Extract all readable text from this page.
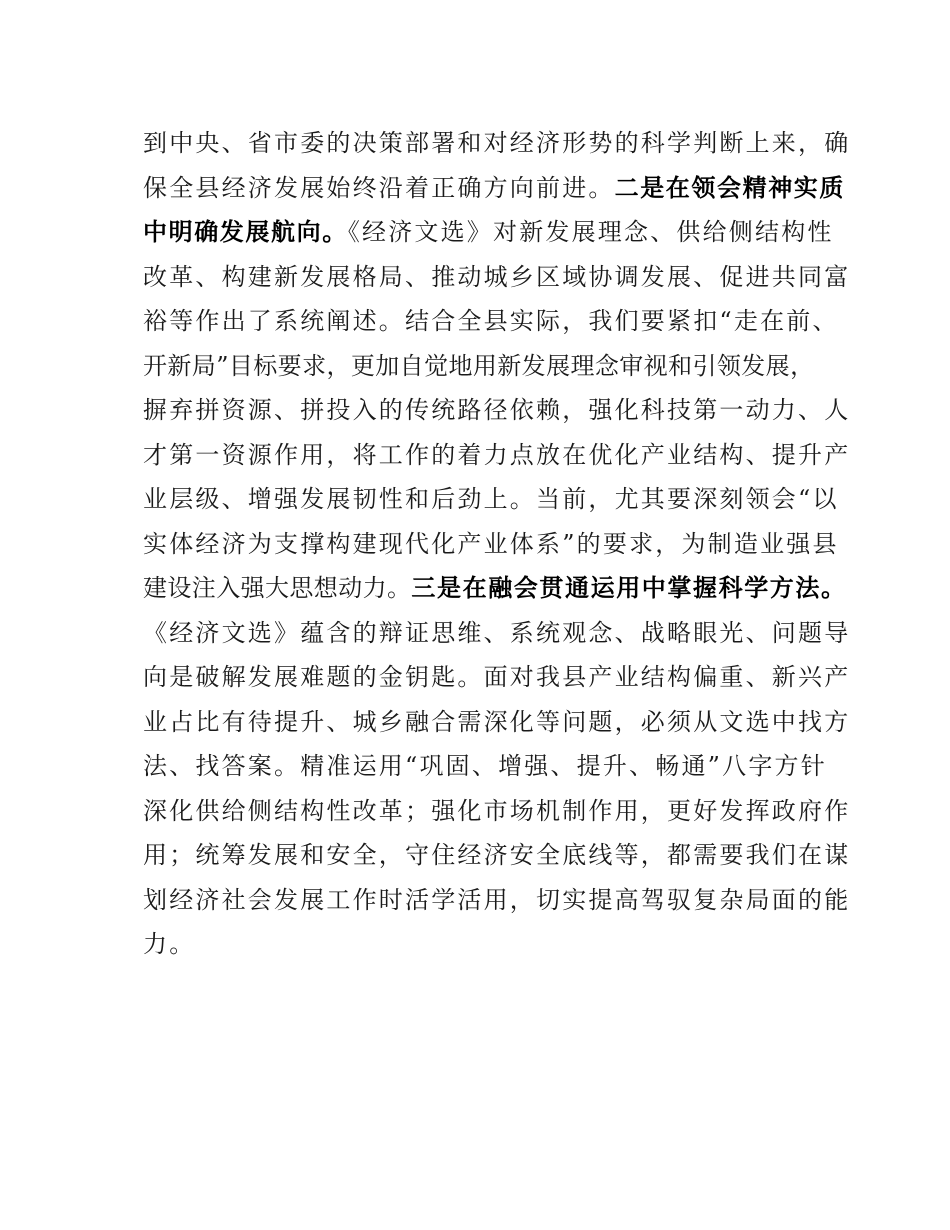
到中央、省市委的决策部署和对经济形势的科学判断上来，确
保全县经济发展始终沿着正确方向前进。二是在领会精神实质
中明确发展航向。《经济文选》对新发展理念、供给侧结构性
改革、构建新发展格局、推动城乡区域协调发展、促进共同富
裕等作出了系统阐述。结合全县实际，我们要紧扣“走在前、
开新局”目标要求，更加自觉地用新发展理念审视和引领发展，
摒弃拼资源、拼投入的传统路径依赖，强化科技第一动力、人
才第一资源作用，将工作的着力点放在优化产业结构、提升产
业层级、增强发展韧性和后劲上。当前，尤其要深刻领会“以
实体经济为支撑构建现代化产业体系”的要求，为制造业强县
建设注入强大思想动力。三是在融会贯通运用中掌握科学方法。
《经济文选》蕴含的辩证思维、系统观念、战略眼光、问题导
向是破解发展难题的金钥匙。面对我县产业结构偏重、新兴产
业占比有待提升、城乡融合需深化等问题，必须从文选中找方
法、找答案。精准运用“巩固、增强、提升、畅通”八字方针
深化供给侧结构性改革；强化市场机制作用，更好发挥政府作
用；统筹发展和安全，守住经济安全底线等，都需要我们在谋
划经济社会发展工作时活学活用，切实提高驾驭复杂局面的能
力。
